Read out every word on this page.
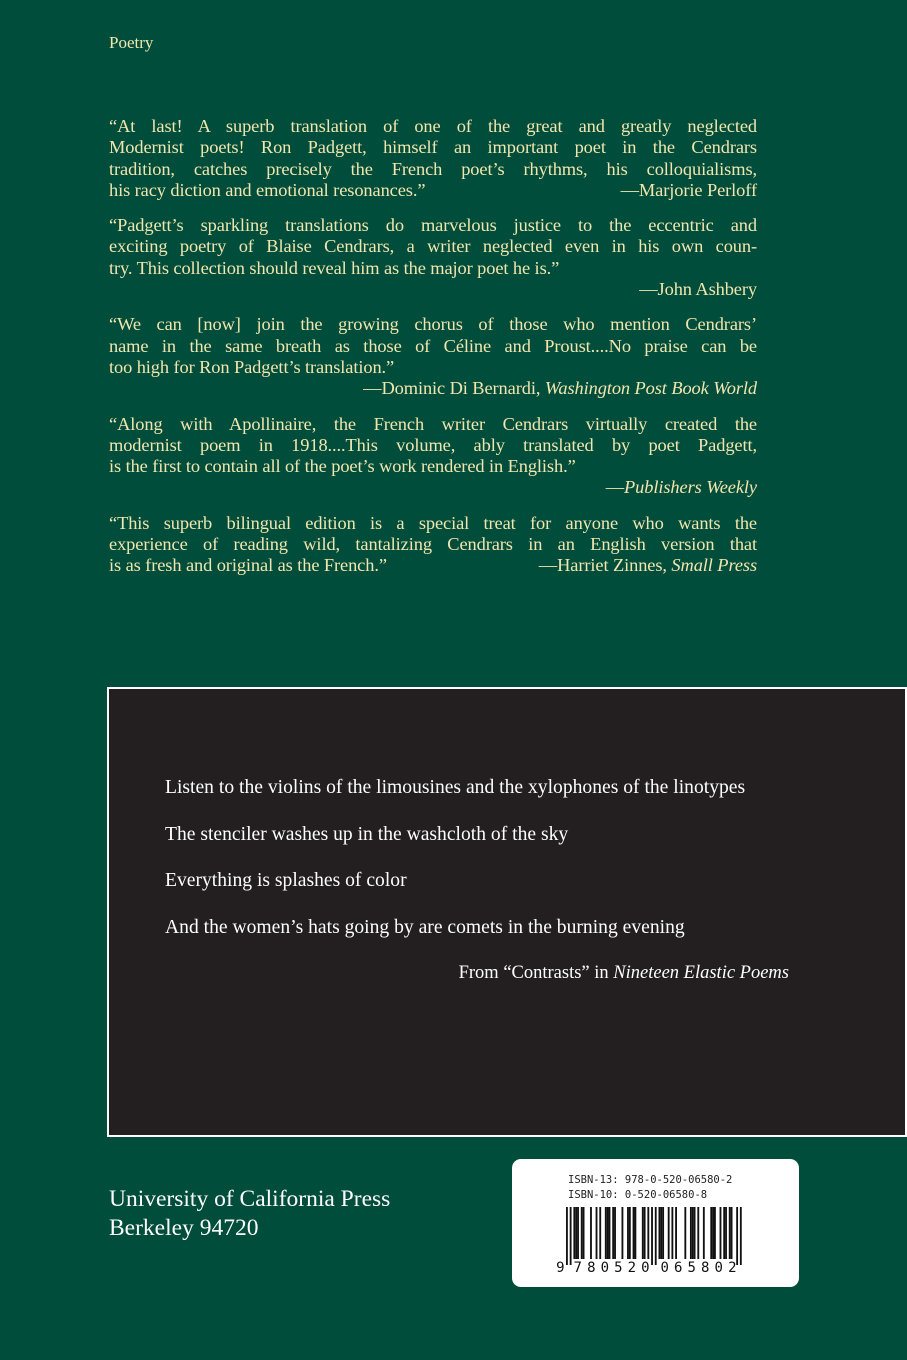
Poetry
“At last! A superb translation of one of the great and greatly neglected
Modernist poets! Ron Padgett, himself an important poet in the Cendrars
tradition, catches precisely the French poet’s rhythms, his colloquialisms,
his racy diction and emotional resonances.”	—Marjorie Perloff
“Padgett’s sparkling translations do marvelous justice to the eccentric and
exciting poetry of Blaise Cendrars, a writer neglected even in his own coun-
try. This collection should reveal him as the major poet he is.”
—John Ashbery
“We can [now] join the growing chorus of those who mention Cendrars’
name in the same breath as those of Céline and Proust....No praise can be
too high for Ron Padgett’s translation.”
—Dominic Di Bernardi, Washington Post Book World
“Along with Apollinaire, the French writer Cendrars virtually created the
modernist poem in 1918....This volume, ably translated by poet Padgett,
is the first to contain all of the poet’s work rendered in English.”
—Publishers Weekly
“This superb bilingual edition is a special treat for anyone who wants the
experience of reading wild, tantalizing Cendrars in an English version that
is as fresh and original as the French.”	—Harriet Zinnes, Small Press
Listen to the violins of the limousines and the xylophones of the linotypes
The stenciler washes up in the washcloth of the sky
Everything is splashes of color
And the women’s hats going by are comets in the burning evening
From “Contrasts” in Nineteen Elastic Poems
University of California Press
Berkeley 94720
ISBN-13: 978-0-520-06580-2
ISBN-10: 0-520-06580-8
9 780520 065802
